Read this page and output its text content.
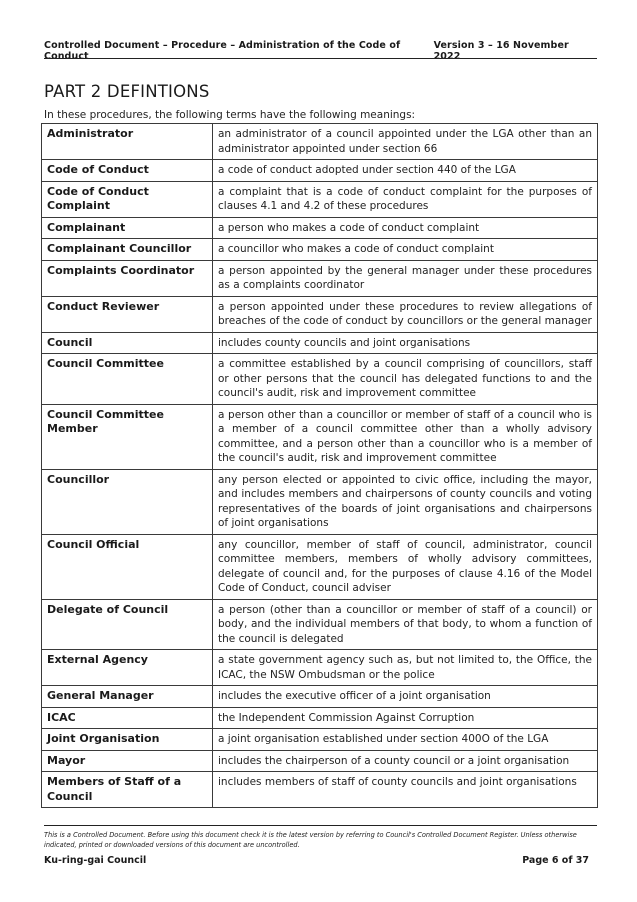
Controlled Document – Procedure – Administration of the Code of Conduct
Version 3 – 16 November 2022
PART 2 DEFINTIONS
In these procedures, the following terms have the following meanings:
Administrator	an administrator of a council appointed under the LGA other than an administrator appointed under section 66
Code of Conduct	a code of conduct adopted under section 440 of the LGA
Code of Conduct Complaint	a complaint that is a code of conduct complaint for the purposes of clauses 4.1 and 4.2 of these procedures
Complainant	a person who makes a code of conduct complaint
Complainant Councillor	a councillor who makes a code of conduct complaint
Complaints Coordinator	a person appointed by the general manager under these procedures as a complaints coordinator
Conduct Reviewer	a person appointed under these procedures to review allegations of breaches of the code of conduct by councillors or the general manager
Council	includes county councils and joint organisations
Council Committee	a committee established by a council comprising of councillors, staff or other persons that the council has delegated functions to and the council's audit, risk and improvement committee
Council Committee Member	a person other than a councillor or member of staff of a council who is a member of a council committee other than a wholly advisory committee, and a person other than a councillor who is a member of the council's audit, risk and improvement committee
Councillor	any person elected or appointed to civic office, including the mayor, and includes members and chairpersons of county councils and voting representatives of the boards of joint organisations and chairpersons of joint organisations
Council Official	any councillor, member of staff of council, administrator, council committee members, members of wholly advisory committees, delegate of council and, for the purposes of clause 4.16 of the Model Code of Conduct, council adviser
Delegate of Council	a person (other than a councillor or member of staff of a council) or body, and the individual members of that body, to whom a function of the council is delegated
External Agency	a state government agency such as, but not limited to, the Office, the ICAC, the NSW Ombudsman or the police
General Manager	includes the executive officer of a joint organisation
ICAC	the Independent Commission Against Corruption
Joint Organisation	a joint organisation established under section 400O of the LGA
Mayor	includes the chairperson of a county council or a joint organisation
Members of Staff of a Council	includes members of staff of county councils and joint organisations
This is a Controlled Document. Before using this document check it is the latest version by referring to Council's Controlled Document Register. Unless otherwise indicated, printed or downloaded versions of this document are uncontrolled.
Ku-ring-gai Council	Page 6 of 37
